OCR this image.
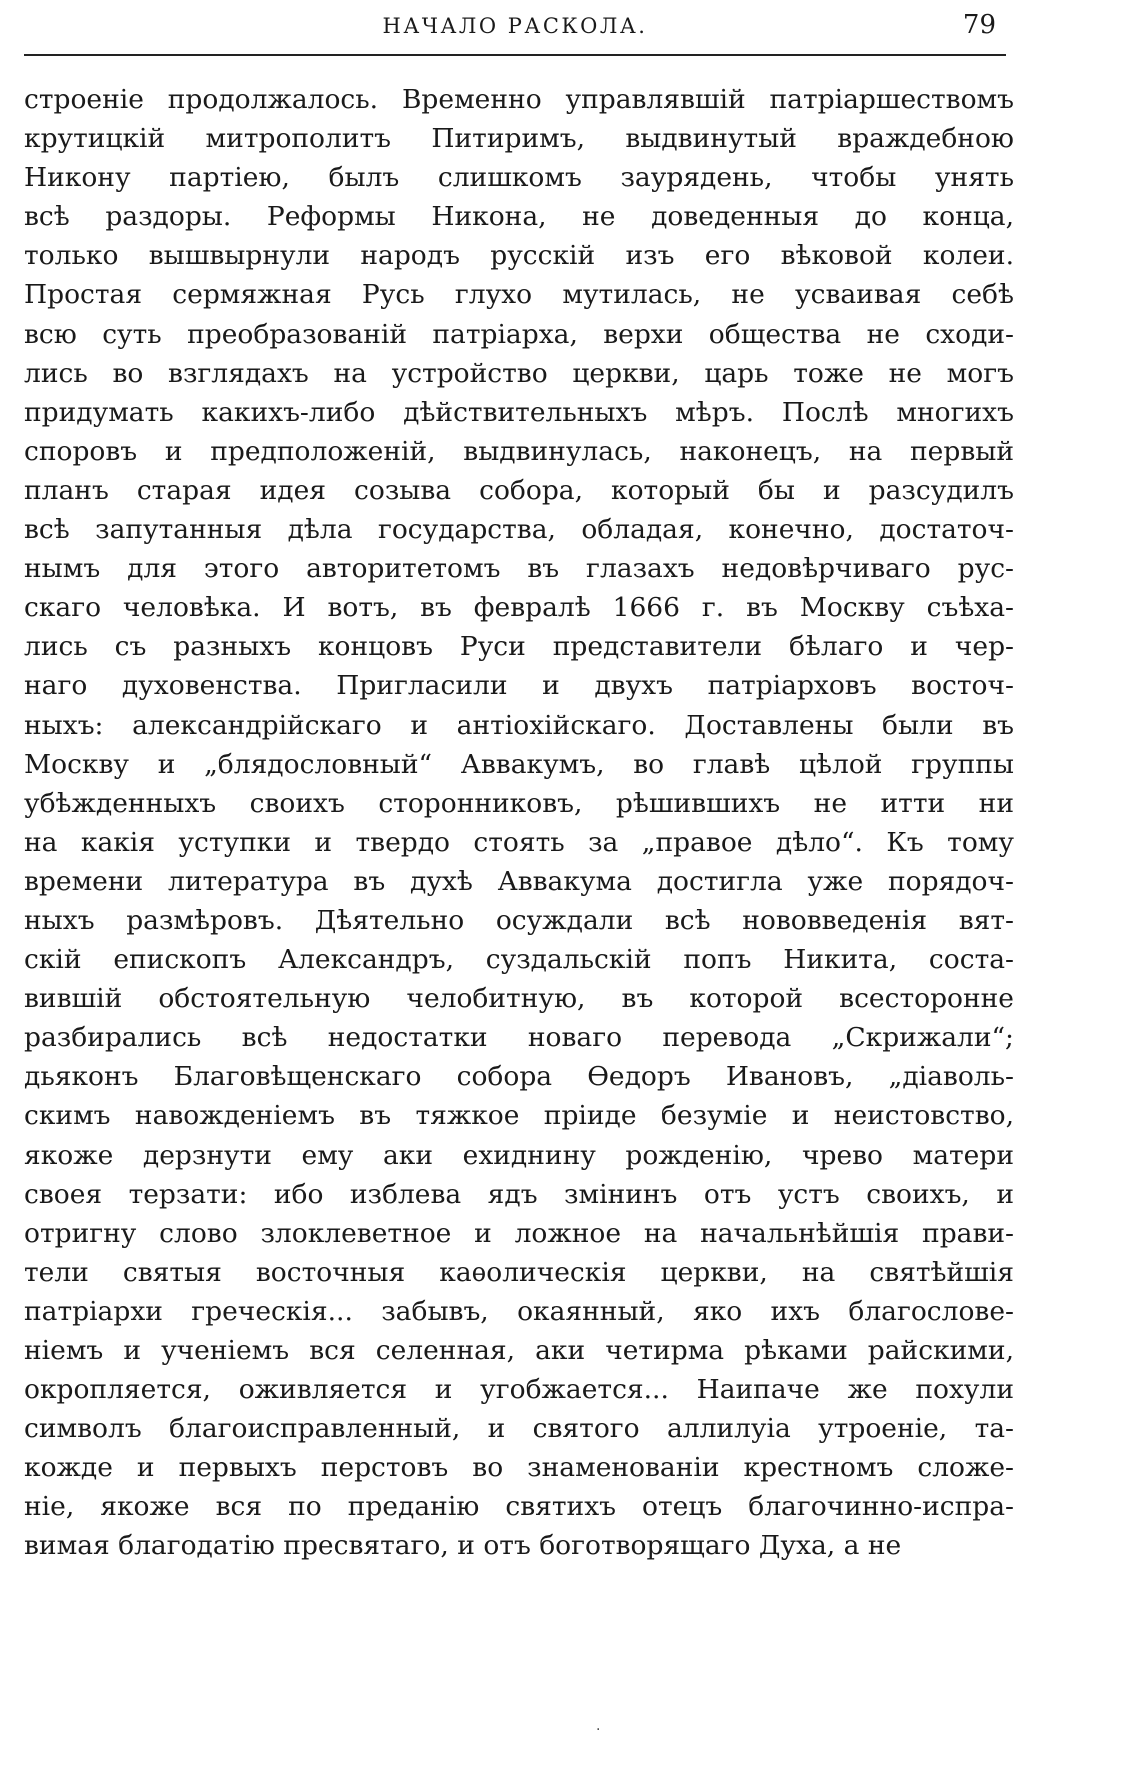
НАЧАЛО РАСКОЛА.	79
строеніе продолжалось. Временно управлявшій патріаршествомъ
крутицкій митрополитъ Питиримъ, выдвинутый враждебною
Никону партіею, былъ слишкомъ заурядень, чтобы унять
всѣ раздоры. Реформы Никона, не доведенныя до конца,
только вышвырнули народъ русскій изъ его вѣковой колеи.
Простая сермяжная Русь глухо мутилась, не усваивая себѣ
всю суть преобразованій патріарха, верхи общества не сходи-
лись во взглядахъ на устройство церкви, царь тоже не могъ
придумать какихъ-либо дѣйствительныхъ мѣръ. Послѣ многихъ
споровъ и предположеній, выдвинулась, наконецъ, на первый
планъ старая идея созыва собора, который бы и разсудилъ
всѣ запутанныя дѣла государства, обладая, конечно, достаточ-
нымъ для этого авторитетомъ въ глазахъ недовѣрчиваго рус-
скаго человѣка. И вотъ, въ февралѣ 1666 г. въ Москву съѣха-
лись съ разныхъ концовъ Руси представители бѣлаго и чер-
наго духовенства. Пригласили и двухъ патріарховъ восточ-
ныхъ: александрійскаго и антіохійскаго. Доставлены были въ
Москву и „блядословный“ Аввакумъ, во главѣ цѣлой группы
убѣжденныхъ своихъ сторонниковъ, рѣшившихъ не итти ни
на какія уступки и твердо стоять за „правое дѣло“. Къ тому
времени литература въ духѣ Аввакума достигла уже порядоч-
ныхъ размѣровъ. Дѣятельно осуждали всѣ нововведенія вят-
скій епископъ Александръ, суздальскій попъ Никита, соста-
вившій обстоятельную челобитную, въ которой всесторонне
разбирались всѣ недостатки новаго перевода „Скрижали“;
дьяконъ Благовѣщенскаго собора Ѳедоръ Ивановъ, „діаволь-
скимъ навожденіемъ въ тяжкое пріиде безуміе и неистовство,
якоже дерзнути ему аки ехиднину рожденію, чрево матери
своея терзати: ибо изблева ядъ змінинъ отъ устъ своихъ, и
отригну слово злоклеветное и ложное на начальнѣйшія прави-
тели святыя восточныя каѳолическія церкви, на святѣйшія
патріархи греческія... забывъ, окаянный, яко ихъ благослове-
ніемъ и ученіемъ вся селенная, аки четирма рѣками райскими,
окропляется, оживляется и угобжается... Наипаче же похули
символъ благоисправленный, и святого аллилуіа утроеніе, та-
кожде и первыхъ перстовъ во знаменованіи крестномъ сложе-
ніе, якоже вся по преданію святихъ отецъ благочинно-испра-
вимая благодатію пресвятаго, и отъ боготворящаго Духа, а не
·
